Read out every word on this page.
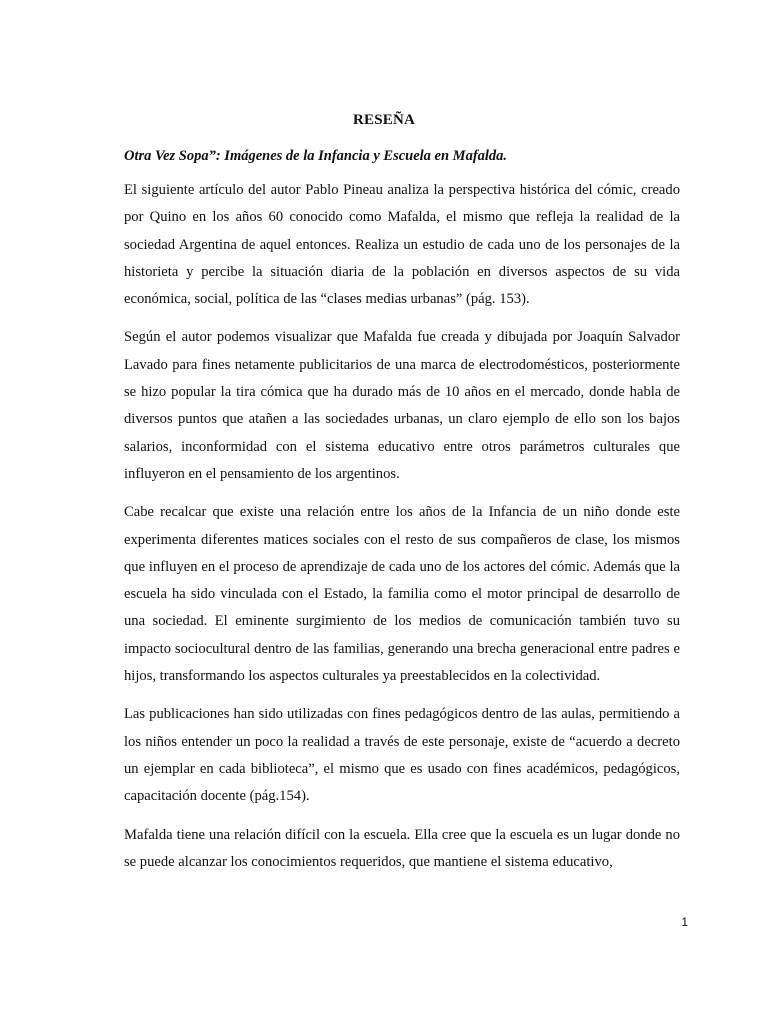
RESEÑA
Otra Vez Sopa”: Imágenes de la Infancia y Escuela en Mafalda.

El siguiente artículo del autor Pablo Pineau analiza la perspectiva histórica del cómic, creado por Quino en los años 60 conocido como Mafalda, el mismo que refleja la realidad de la sociedad Argentina de aquel entonces. Realiza un estudio de cada uno de los personajes de la historieta y percibe la situación diaria de la población en diversos aspectos de su vida económica, social, política de las “clases medias urbanas” (pág. 153).

Según el autor podemos visualizar que Mafalda fue creada y dibujada por Joaquín Salvador Lavado para fines netamente publicitarios de una marca de electrodomésticos, posteriormente se hizo popular la tira cómica que ha durado más de 10 años en el mercado, donde habla de diversos puntos que atañen a las sociedades urbanas, un claro ejemplo de ello son los bajos salarios, inconformidad con el sistema educativo entre otros parámetros culturales que influyeron en el pensamiento de los argentinos.

Cabe recalcar que existe una relación entre los años de la Infancia de un niño donde este experimenta diferentes matices sociales con el resto de sus compañeros de clase, los mismos que influyen en el proceso de aprendizaje de cada uno de los actores del cómic. Además que la escuela ha sido vinculada con el Estado, la familia como el motor principal de desarrollo de una sociedad. El eminente surgimiento de los medios de comunicación también tuvo su impacto sociocultural dentro de las familias, generando una brecha generacional entre padres e hijos, transformando los aspectos culturales ya preestablecidos en la colectividad.

Las publicaciones han sido utilizadas con fines pedagógicos dentro de las aulas, permitiendo a los niños entender un poco la realidad a través de este personaje, existe de “acuerdo a decreto un ejemplar en cada biblioteca”, el mismo que es usado con fines académicos, pedagógicos, capacitación docente (pág.154).

Mafalda tiene una relación difícil con la escuela. Ella cree que la escuela es un lugar donde no se puede alcanzar los conocimientos requeridos, que mantiene el sistema educativo,

1
